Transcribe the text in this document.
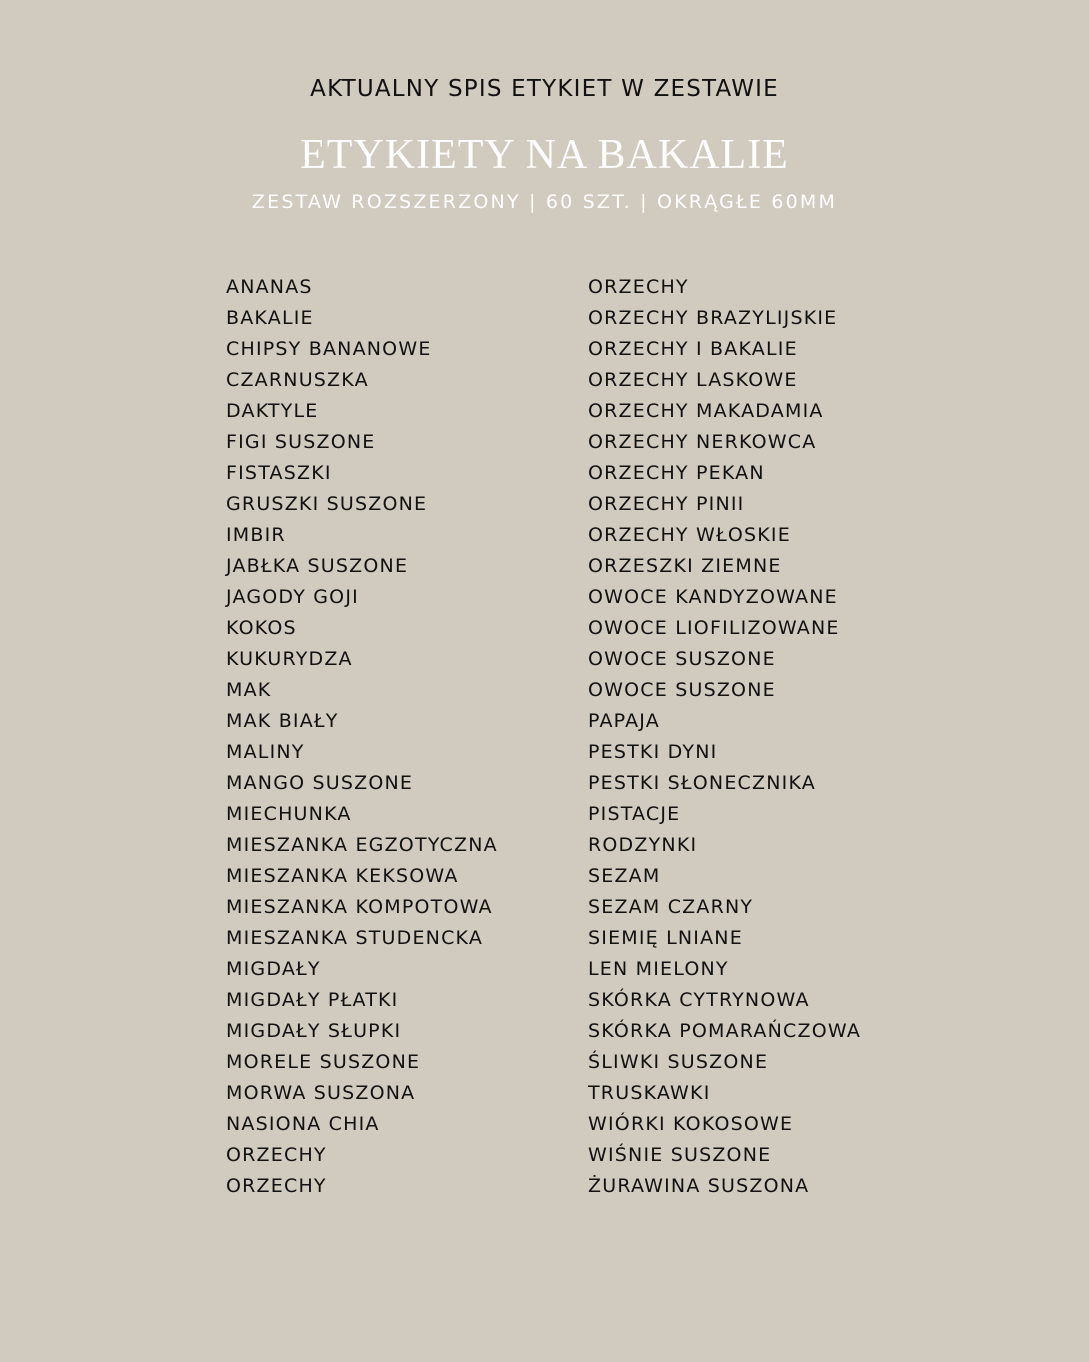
AKTUALNY SPIS ETYKIET W ZESTAWIE
ETYKIETY NA BAKALIE
ZESTAW ROZSZERZONY | 60 SZT. | OKRĄGŁE 60MM
ANANAS
BAKALIE
CHIPSY BANANOWE
CZARNUSZKA
DAKTYLE
FIGI SUSZONE
FISTASZKI
GRUSZKI SUSZONE
IMBIR
JABŁKA SUSZONE
JAGODY GOJI
KOKOS
KUKURYDZA
MAK
MAK BIAŁY
MALINY
MANGO SUSZONE
MIECHUNKA
MIESZANKA EGZOTYCZNA
MIESZANKA KEKSOWA
MIESZANKA KOMPOTOWA
MIESZANKA STUDENCKA
MIGDAŁY
MIGDAŁY PŁATKI
MIGDAŁY SŁUPKI
MORELE SUSZONE
MORWA SUSZONA
NASIONA CHIA
ORZECHY
ORZECHY
ORZECHY
ORZECHY BRAZYLIJSKIE
ORZECHY I BAKALIE
ORZECHY LASKOWE
ORZECHY MAKADAMIA
ORZECHY NERKOWCA
ORZECHY PEKAN
ORZECHY PINII
ORZECHY WŁOSKIE
ORZESZKI ZIEMNE
OWOCE KANDYZOWANE
OWOCE LIOFILIZOWANE
OWOCE SUSZONE
OWOCE SUSZONE
PAPAJA
PESTKI DYNI
PESTKI SŁONECZNIKA
PISTACJE
RODZYNKI
SEZAM
SEZAM CZARNY
SIEMIĘ LNIANE
LEN MIELONY
SKÓRKA CYTRYNOWA
SKÓRKA POMARAŃCZOWA
ŚLIWKI SUSZONE
TRUSKAWKI
WIÓRKI KOKOSOWE
WIŚNIE SUSZONE
ŻURAWINA SUSZONA
